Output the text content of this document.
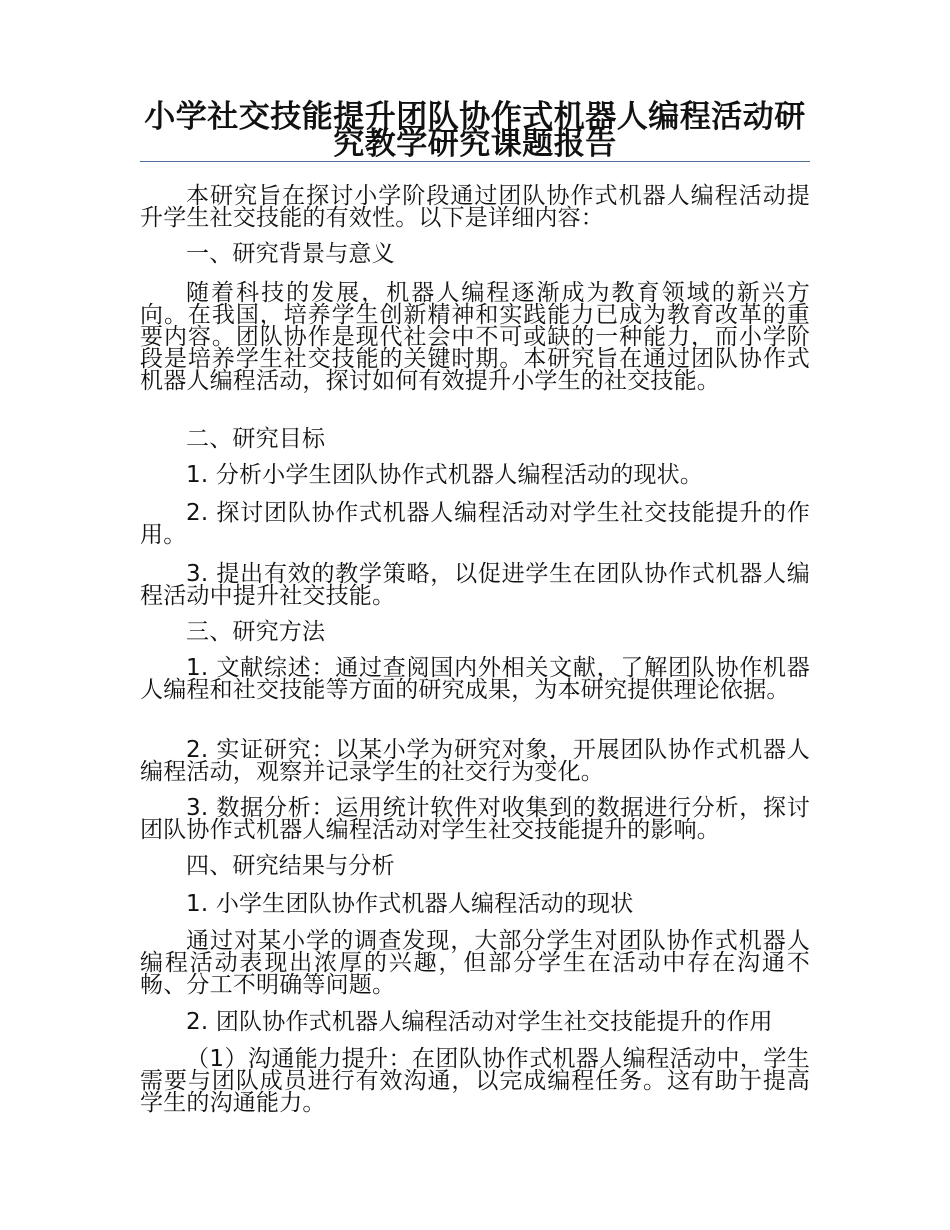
小学社交技能提升团队协作式机器人编程活动研究教学研究课题报告

本研究旨在探讨小学阶段通过团队协作式机器人编程活动提升学生社交技能的有效性。以下是详细内容：

一、研究背景与意义

随着科技的发展，机器人编程逐渐成为教育领域的新兴方向。在我国，培养学生创新精神和实践能力已成为教育改革的重要内容。团队协作是现代社会中不可或缺的一种能力，而小学阶段是培养学生社交技能的关键时期。本研究旨在通过团队协作式机器人编程活动，探讨如何有效提升小学生的社交技能。

二、研究目标

1. 分析小学生团队协作式机器人编程活动的现状。

2. 探讨团队协作式机器人编程活动对学生社交技能提升的作用。

3. 提出有效的教学策略，以促进学生在团队协作式机器人编程活动中提升社交技能。

三、研究方法

1. 文献综述：通过查阅国内外相关文献，了解团队协作机器人编程和社交技能等方面的研究成果，为本研究提供理论依据。

2. 实证研究：以某小学为研究对象，开展团队协作式机器人编程活动，观察并记录学生的社交行为变化。

3. 数据分析：运用统计软件对收集到的数据进行分析，探讨团队协作式机器人编程活动对学生社交技能提升的影响。

四、研究结果与分析

1. 小学生团队协作式机器人编程活动的现状

通过对某小学的调查发现，大部分学生对团队协作式机器人编程活动表现出浓厚的兴趣，但部分学生在活动中存在沟通不畅、分工不明确等问题。

2. 团队协作式机器人编程活动对学生社交技能提升的作用

（1）沟通能力提升：在团队协作式机器人编程活动中，学生需要与团队成员进行有效沟通，以完成编程任务。这有助于提高学生的沟通能力。
